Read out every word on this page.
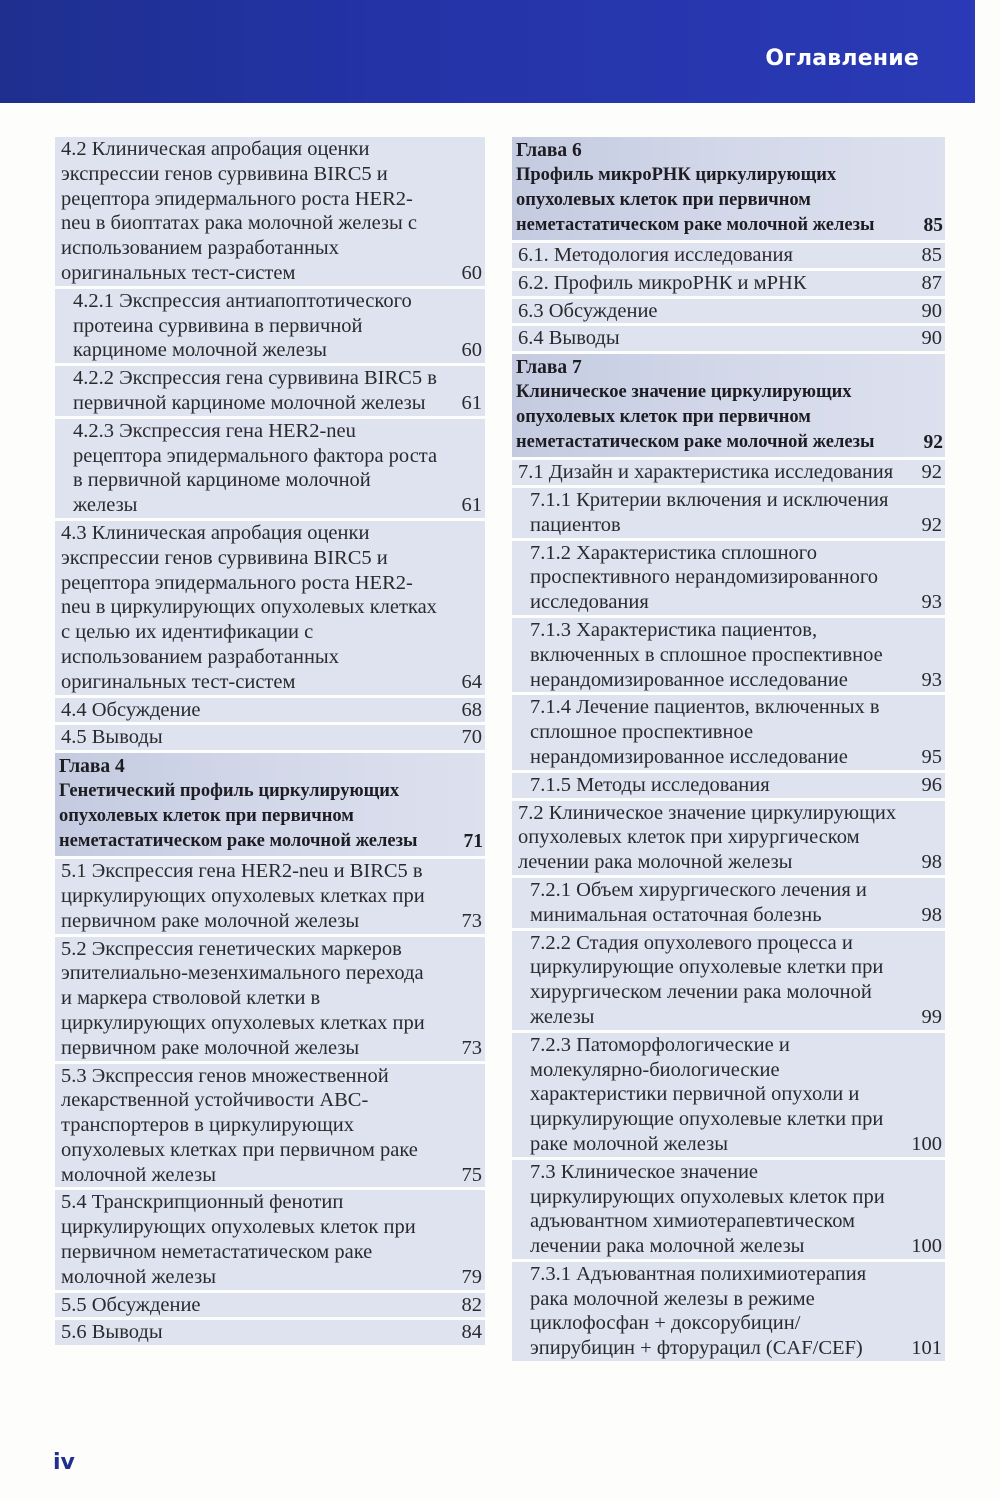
Оглавление
4.2 Клиническая апробация оценки экспрессии генов сурвивина BIRC5 и рецептора эпидермального роста HER2-neu в биоптатах рака молочной железы с использованием разработанных оригинальных тест-систем	60
4.2.1 Экспрессия антиапоптотического протеина сурвивина в первичной карциноме молочной железы	60
4.2.2 Экспрессия гена сурвивина BIRC5 в первичной карциноме молочной железы	61
4.2.3 Экспрессия гена HER2-neu рецептора эпидермального фактора роста в первичной карциноме молочной железы	61
4.3 Клиническая апробация оценки экспрессии генов сурвивина BIRC5 и рецептора эпидермального роста HER2-neu в циркулирующих опухолевых клетках с целью их идентификации с использованием разработанных оригинальных тест-систем	64
4.4 Обсуждение	68
4.5 Выводы	70
Глава 4
Генетический профиль циркулирующих опухолевых клеток при первичном неметастатическом раке молочной железы	71
5.1 Экспрессия гена HER2-neu и BIRC5 в циркулирующих опухолевых клетках при первичном раке молочной железы	73
5.2 Экспрессия генетических маркеров эпителиально-мезенхимального перехода и маркера стволовой клетки в циркулирующих опухолевых клетках при первичном раке молочной железы	73
5.3 Экспрессия генов множественной лекарственной устойчивости ABC-транспортеров в циркулирующих опухолевых клетках при первичном раке молочной железы	75
5.4 Транскрипционный фенотип циркулирующих опухолевых клеток при первичном неметастатическом раке молочной железы	79
5.5 Обсуждение	82
5.6 Выводы	84
Глава 6
Профиль микроРНК циркулирующих опухолевых клеток при первичном неметастатическом раке молочной железы	85
6.1. Методология исследования	85
6.2. Профиль микроРНК и мРНК	87
6.3 Обсуждение	90
6.4 Выводы	90
Глава 7
Клиническое значение циркулирующих опухолевых клеток при первичном неметастатическом раке молочной железы	92
7.1 Дизайн и характеристика исследования	92
7.1.1 Критерии включения и исключения пациентов	92
7.1.2 Характеристика сплошного проспективного нерандомизированного исследования	93
7.1.3 Характеристика пациентов, включенных в сплошное проспективное нерандомизированное исследование	93
7.1.4 Лечение пациентов, включенных в сплошное проспективное нерандомизированное исследование	95
7.1.5 Методы исследования	96
7.2 Клиническое значение циркулирующих опухолевых клеток при хирургическом лечении рака молочной железы	98
7.2.1 Объем хирургического лечения и минимальная остаточная болезнь	98
7.2.2 Стадия опухолевого процесса и циркулирующие опухолевые клетки при хирургическом лечении рака молочной железы	99
7.2.3 Патоморфологические и молекулярно-биологические характеристики первичной опухоли и циркулирующие опухолевые клетки при раке молочной железы	100
7.3 Клиническое значение циркулирующих опухолевых клеток при адъювантном химиотерапевтическом лечении рака молочной железы	100
7.3.1 Адъювантная полихимиотерапия рака молочной железы в режиме циклофосфан + доксорубицин/эпирубицин + фторурацил (CAF/CEF)	101
iv
